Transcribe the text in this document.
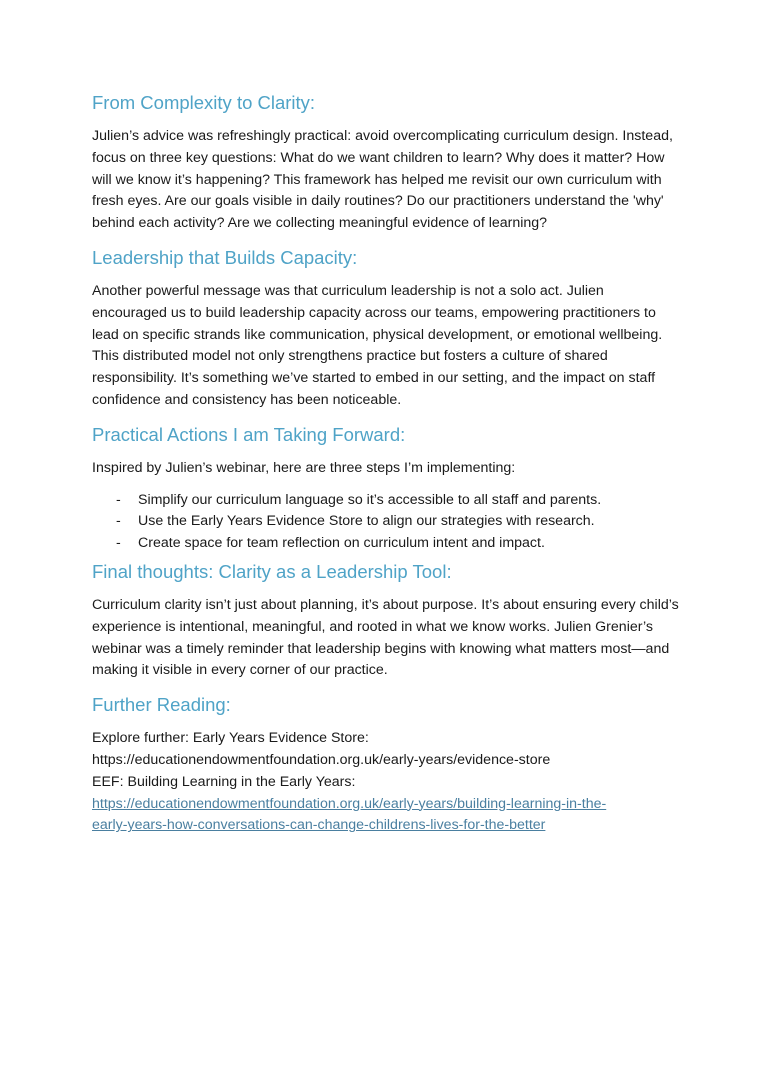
From Complexity to Clarity:

Julien’s advice was refreshingly practical: avoid overcomplicating curriculum design. Instead, focus on three key questions: What do we want children to learn? Why does it matter? How will we know it’s happening? This framework has helped me revisit our own curriculum with fresh eyes. Are our goals visible in daily routines? Do our practitioners understand the 'why' behind each activity? Are we collecting meaningful evidence of learning?

Leadership that Builds Capacity:

Another powerful message was that curriculum leadership is not a solo act. Julien encouraged us to build leadership capacity across our teams, empowering practitioners to lead on specific strands like communication, physical development, or emotional wellbeing. This distributed model not only strengthens practice but fosters a culture of shared responsibility. It’s something we’ve started to embed in our setting, and the impact on staff confidence and consistency has been noticeable.

Practical Actions I am Taking Forward:

Inspired by Julien’s webinar, here are three steps I’m implementing:

- Simplify our curriculum language so it’s accessible to all staff and parents.
- Use the Early Years Evidence Store to align our strategies with research.
- Create space for team reflection on curriculum intent and impact.
Final thoughts: Clarity as a Leadership Tool:

Curriculum clarity isn’t just about planning, it’s about purpose. It’s about ensuring every child’s experience is intentional, meaningful, and rooted in what we know works. Julien Grenier’s webinar was a timely reminder that leadership begins with knowing what matters most—and making it visible in every corner of our practice.

Further Reading:

Explore further: Early Years Evidence Store:
https://educationendowmentfoundation.org.uk/early-years/evidence-store
EEF: Building Learning in the Early Years:
https://educationendowmentfoundation.org.uk/early-years/building-learning-in-the-
early-years-how-conversations-can-change-childrens-lives-for-the-better
